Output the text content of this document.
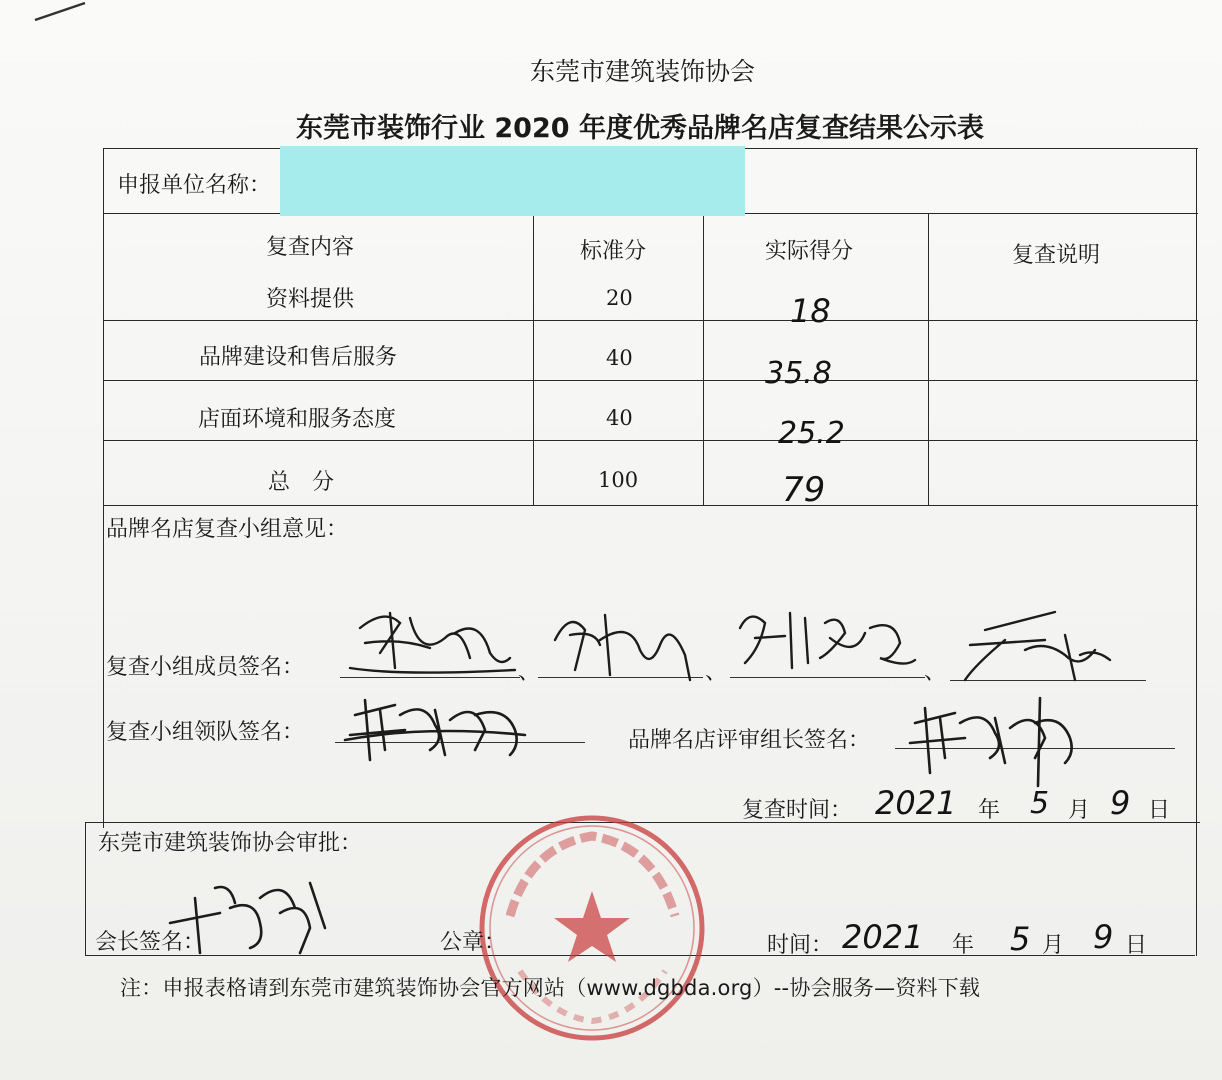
东莞市建筑装饰协会
东莞市装饰行业 2020 年度优秀品牌名店复查结果公示表
申报单位名称：
复查内容	标准分	实际得分	复查说明
资料提供	20	18
品牌建设和售后服务	40	35.8
店面环境和服务态度	40	25.2
总　分	100	79
品牌名店复查小组意见：
复查小组成员签名：	、	、	、
复查小组领队签名：	品牌名店评审组长签名：
复查时间： 2021 年 5 月 9 日
东莞市建筑装饰协会审批：
会长签名：	公章：	时间： 2021 年 5 月 9 日
注：申报表格请到东莞市建筑装饰协会官方网站（www.dgbda.org）--协会服务—资料下载
